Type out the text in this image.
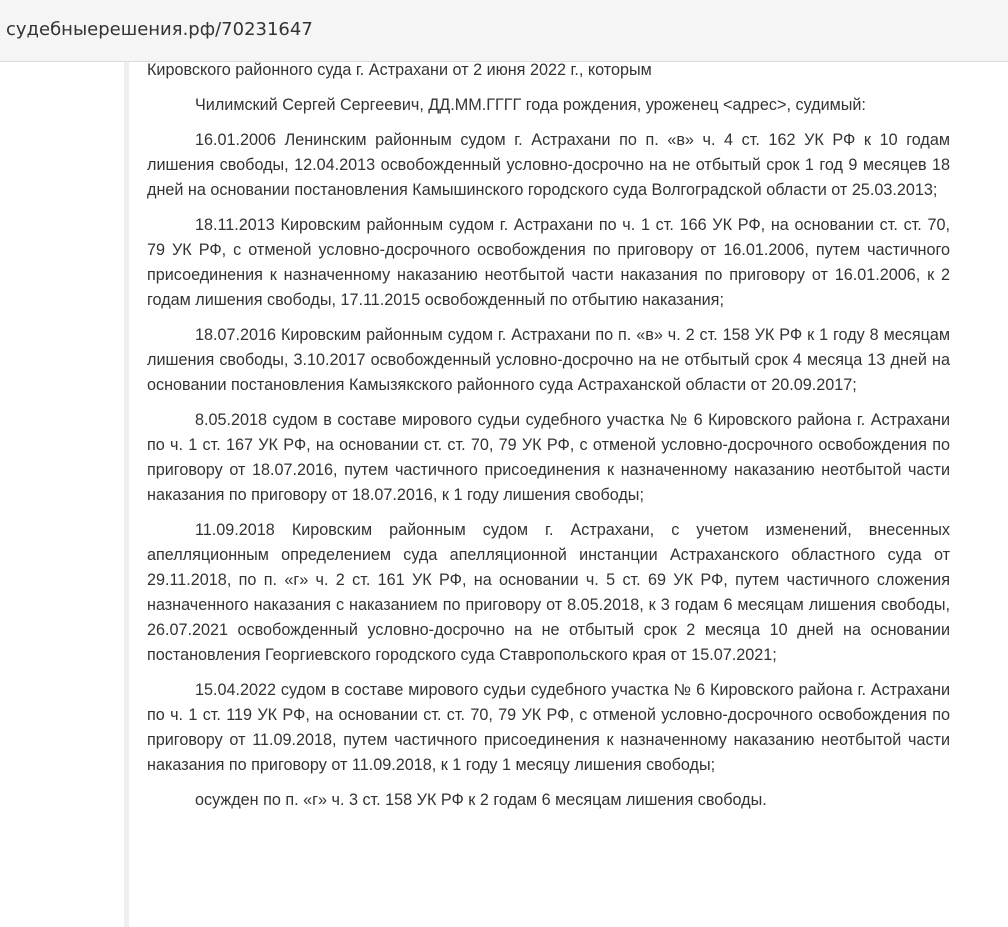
судебныерешения.рф/70231647

Кировского районного суда г. Астрахани от 2 июня 2022 г., которым

Чилимский Сергей Сергеевич, ДД.ММ.ГГГГ года рождения, уроженец <адрес>, судимый:

16.01.2006 Ленинским районным судом г. Астрахани по п. «в» ч. 4 ст. 162 УК РФ к 10 годам лишения свободы, 12.04.2013 освобожденный условно-досрочно на не отбытый срок 1 год 9 месяцев 18 дней на основании постановления Камышинского городского суда Волгоградской области от 25.03.2013;

18.11.2013 Кировским районным судом г. Астрахани по ч. 1 ст. 166 УК РФ, на основании ст. ст. 70, 79 УК РФ, с отменой условно-досрочного освобождения по приговору от 16.01.2006, путем частичного присоединения к назначенному наказанию неотбытой части наказания по приговору от 16.01.2006, к 2 годам лишения свободы, 17.11.2015 освобожденный по отбытию наказания;

18.07.2016 Кировским районным судом г. Астрахани по п. «в» ч. 2 ст. 158 УК РФ к 1 году 8 месяцам лишения свободы, 3.10.2017 освобожденный условно-досрочно на не отбытый срок 4 месяца 13 дней на основании постановления Камызякского районного суда Астраханской области от 20.09.2017;

8.05.2018 судом в составе мирового судьи судебного участка № 6 Кировского района г. Астрахани по ч. 1 ст. 167 УК РФ, на основании ст. ст. 70, 79 УК РФ, с отменой условно-досрочного освобождения по приговору от 18.07.2016, путем частичного присоединения к назначенному наказанию неотбытой части наказания по приговору от 18.07.2016, к 1 году лишения свободы;

11.09.2018 Кировским районным судом г. Астрахани, с учетом изменений, внесенных апелляционным определением суда апелляционной инстанции Астраханского областного суда от 29.11.2018, по п. «г» ч. 2 ст. 161 УК РФ, на основании ч. 5 ст. 69 УК РФ, путем частичного сложения назначенного наказания с наказанием по приговору от 8.05.2018, к 3 годам 6 месяцам лишения свободы, 26.07.2021 освобожденный условно-досрочно на не отбытый срок 2 месяца 10 дней на основании постановления Георгиевского городского суда Ставропольского края от 15.07.2021;

15.04.2022 судом в составе мирового судьи судебного участка № 6 Кировского района г. Астрахани по ч. 1 ст. 119 УК РФ, на основании ст. ст. 70, 79 УК РФ, с отменой условно-досрочного освобождения по приговору от 11.09.2018, путем частичного присоединения к назначенному наказанию неотбытой части наказания по приговору от 11.09.2018, к 1 году 1 месяцу лишения свободы;

осужден по п. «г» ч. 3 ст. 158 УК РФ к 2 годам 6 месяцам лишения свободы.
